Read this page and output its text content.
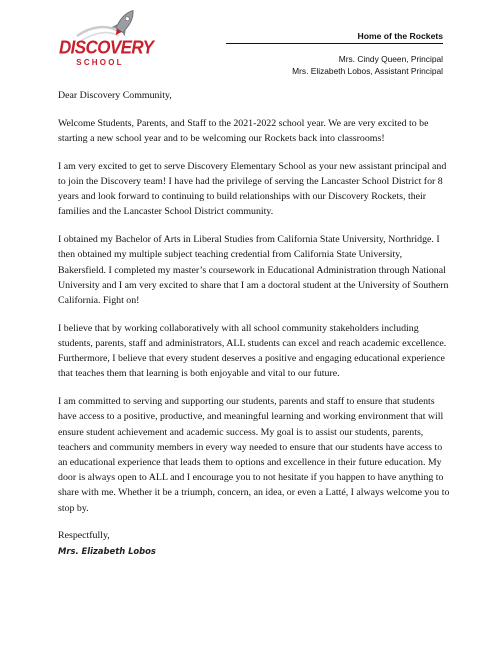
DISCOVERY
SCHOOL
Home of the Rockets
Mrs. Cindy Queen, Principal
Mrs. Elizabeth Lobos, Assistant Principal

Dear Discovery Community,

Welcome Students, Parents, and Staff to the 2021-2022 school year. We are very excited to be starting a new school year and to be welcoming our Rockets back into classrooms!

I am very excited to get to serve Discovery Elementary School as your new assistant principal and to join the Discovery team! I have had the privilege of serving the Lancaster School District for 8 years and look forward to continuing to build relationships with our Discovery Rockets, their families and the Lancaster School District community.

I obtained my Bachelor of Arts in Liberal Studies from California State University, Northridge. I then obtained my multiple subject teaching credential from California State University, Bakersfield. I completed my master’s coursework in Educational Administration through National University and I am very excited to share that I am a doctoral student at the University of Southern California. Fight on!

I believe that by working collaboratively with all school community stakeholders including students, parents, staff and administrators, ALL students can excel and reach academic excellence. Furthermore, I believe that every student deserves a positive and engaging educational experience that teaches them that learning is both enjoyable and vital to our future.

I am committed to serving and supporting our students, parents and staff to ensure that students have access to a positive, productive, and meaningful learning and working environment that will ensure student achievement and academic success. My goal is to assist our students, parents, teachers and community members in every way needed to ensure that our students have access to an educational experience that leads them to options and excellence in their future education. My door is always open to ALL and I encourage you to not hesitate if you happen to have anything to share with me. Whether it be a triumph, concern, an idea, or even a Latté, I always welcome you to stop by.

Respectfully,

Mrs. Elizabeth Lobos
